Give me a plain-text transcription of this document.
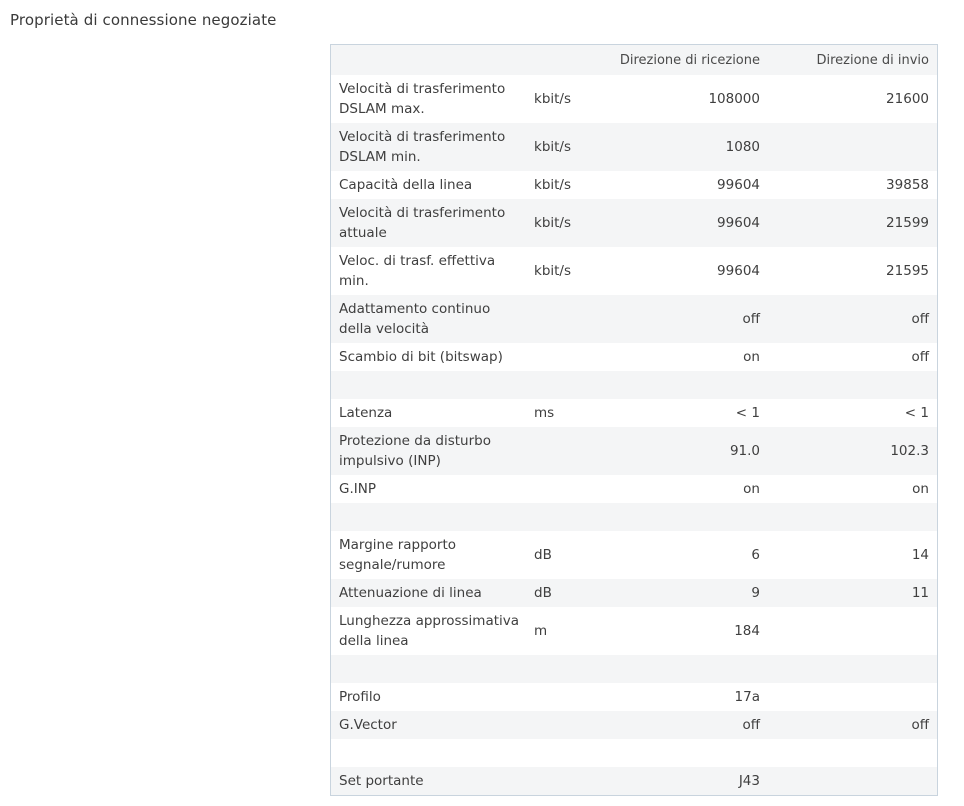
Proprietà di connessione negoziate
		Direzione di ricezione	Direzione di invio
Velocità di trasferimento DSLAM max.	kbit/s	108000	21600
Velocità di trasferimento DSLAM min.	kbit/s	1080	
Capacità della linea	kbit/s	99604	39858
Velocità di trasferimento attuale	kbit/s	99604	21599
Veloc. di trasf. effettiva min.	kbit/s	99604	21595
Adattamento continuo della velocità		off	off
Scambio di bit (bitswap)		on	off

Latenza	ms	< 1	< 1
Protezione da disturbo impulsivo (INP)		91.0	102.3
G.INP		on	on

Margine rapporto segnale/rumore	dB	6	14
Attenuazione di linea	dB	9	11
Lunghezza approssimativa della linea	m	184	

Profilo		17a	
G.Vector		off	off

Set portante		J43	
